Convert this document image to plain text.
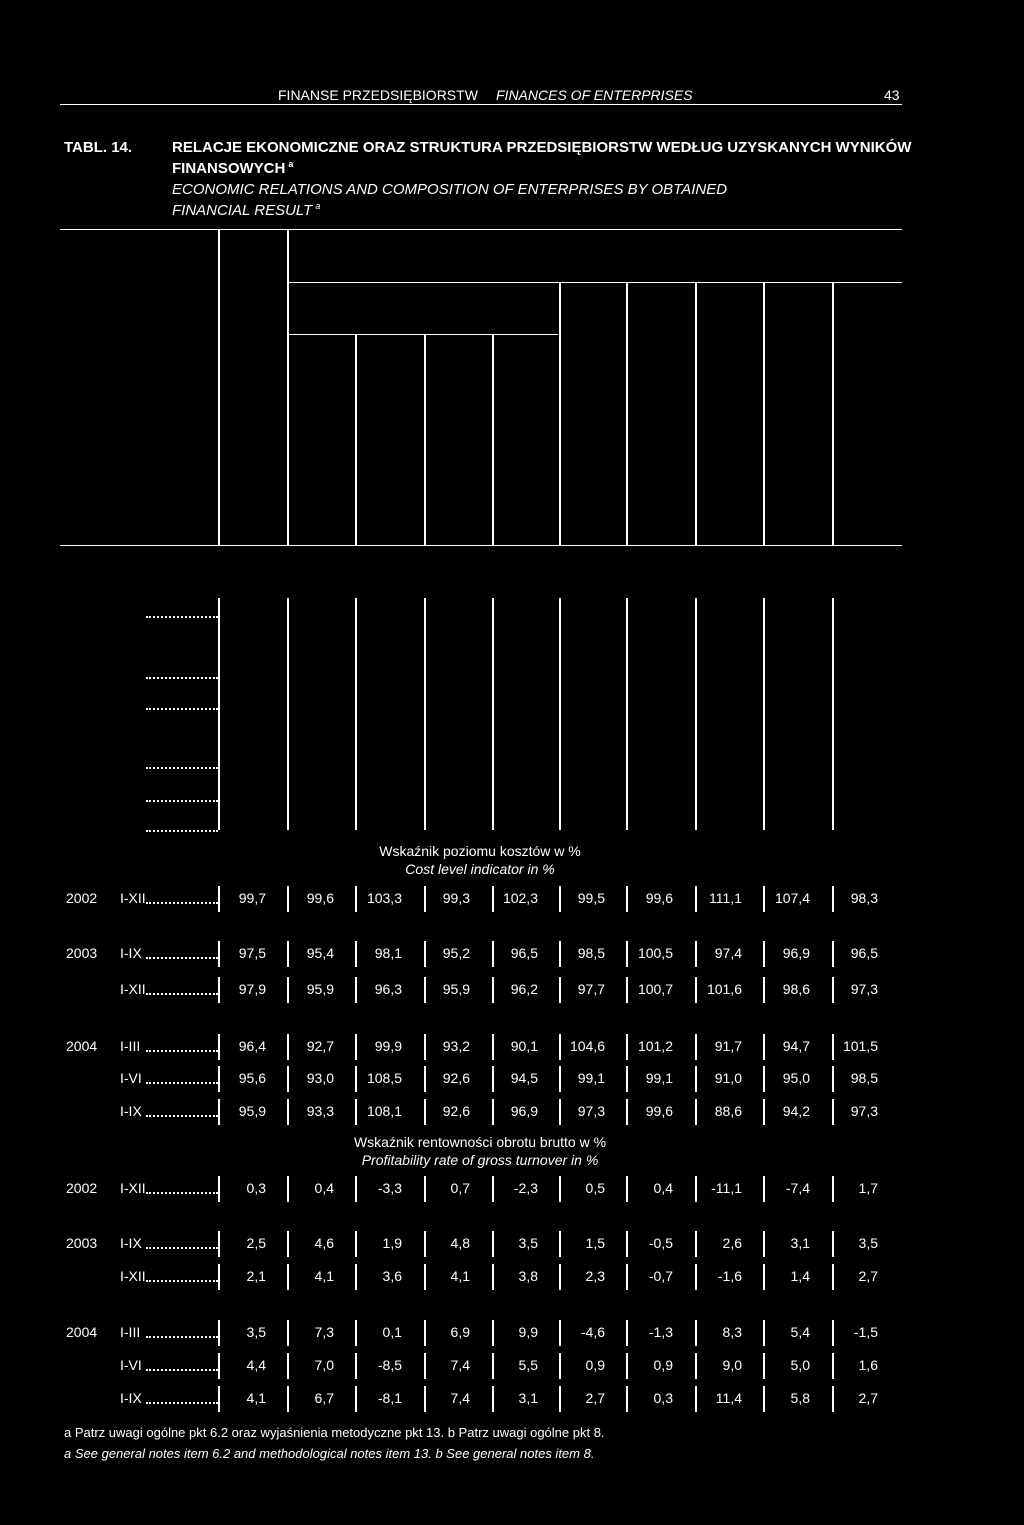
FINANSE PRZEDSIĘBIORSTW FINANCES OF ENTERPRISES	43
TABL. 14.	RELACJE EKONOMICZNE ORAZ STRUKTURA PRZEDSIĘBIORSTW WEDŁUG UZYSKANYCH WYNIKÓW
FINANSOWYCH $^a$
ECONOMIC RELATIONS AND COMPOSITION OF ENTERPRISES BY OBTAINED
FINANCIAL RESULT $^a$
Wskaźnik poziomu kosztów w %
Cost level indicator in %
2002 I-XII	99,7	99,6	103,3	99,3	102,3	99,5	99,6	111,1	107,4	98,3
2003 I-IX	97,5	95,4	98,1	95,2	96,5	98,5	100,5	97,4	96,9	96,5
I-XII	97,9	95,9	96,3	95,9	96,2	97,7	100,7	101,6	98,6	97,3
2004 I-III	96,4	92,7	99,9	93,2	90,1	104,6	101,2	91,7	94,7	101,5
I-VI	95,6	93,0	108,5	92,6	94,5	99,1	99,1	91,0	95,0	98,5
I-IX	95,9	93,3	108,1	92,6	96,9	97,3	99,6	88,6	94,2	97,3
Wskaźnik rentowności obrotu brutto w %
Profitability rate of gross turnover in %
2002 I-XII	0,3	0,4	-3,3	0,7	-2,3	0,5	0,4	-11,1	-7,4	1,7
2003 I-IX	2,5	4,6	1,9	4,8	3,5	1,5	-0,5	2,6	3,1	3,5
I-XII	2,1	4,1	3,6	4,1	3,8	2,3	-0,7	-1,6	1,4	2,7
2004 I-III	3,5	7,3	0,1	6,9	9,9	-4,6	-1,3	8,3	5,4	-1,5
I-VI	4,4	7,0	-8,5	7,4	5,5	0,9	0,9	9,0	5,0	1,6
I-IX	4,1	6,7	-8,1	7,4	3,1	2,7	0,3	11,4	5,8	2,7
a Patrz uwagi ogólne pkt 6.2 oraz wyjaśnienia metodyczne pkt 13. b Patrz uwagi ogólne pkt 8.
a See general notes item 6.2 and methodological notes item 13. b See general notes item 8.
